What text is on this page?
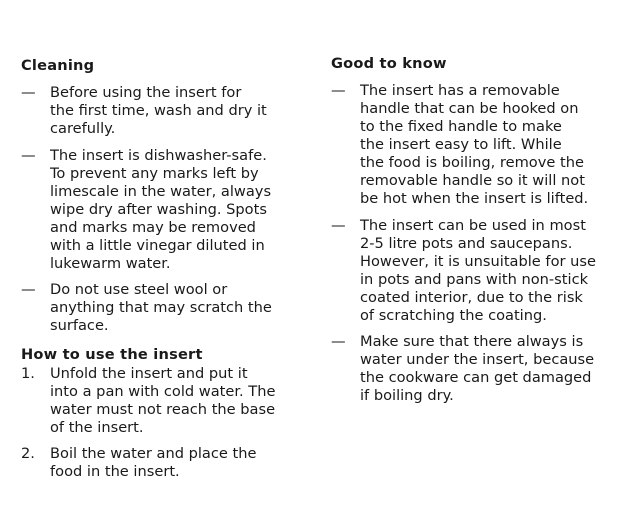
Cleaning
— Before using the insert for
the first time, wash and dry it
carefully.
— The insert is dishwasher-safe.
To prevent any marks left by
limescale in the water, always
wipe dry after washing. Spots
and marks may be removed
with a little vinegar diluted in
lukewarm water.
— Do not use steel wool or
anything that may scratch the
surface.
How to use the insert
1. Unfold the insert and put it
into a pan with cold water. The
water must not reach the base
of the insert.
2. Boil the water and place the
food in the insert.
Good to know
— The insert has a removable
handle that can be hooked on
to the fixed handle to make
the insert easy to lift. While
the food is boiling, remove the
removable handle so it will not
be hot when the insert is lifted.
— The insert can be used in most
2-5 litre pots and saucepans.
However, it is unsuitable for use
in pots and pans with non-stick
coated interior, due to the risk
of scratching the coating.
— Make sure that there always is
water under the insert, because
the cookware can get damaged
if boiling dry.
